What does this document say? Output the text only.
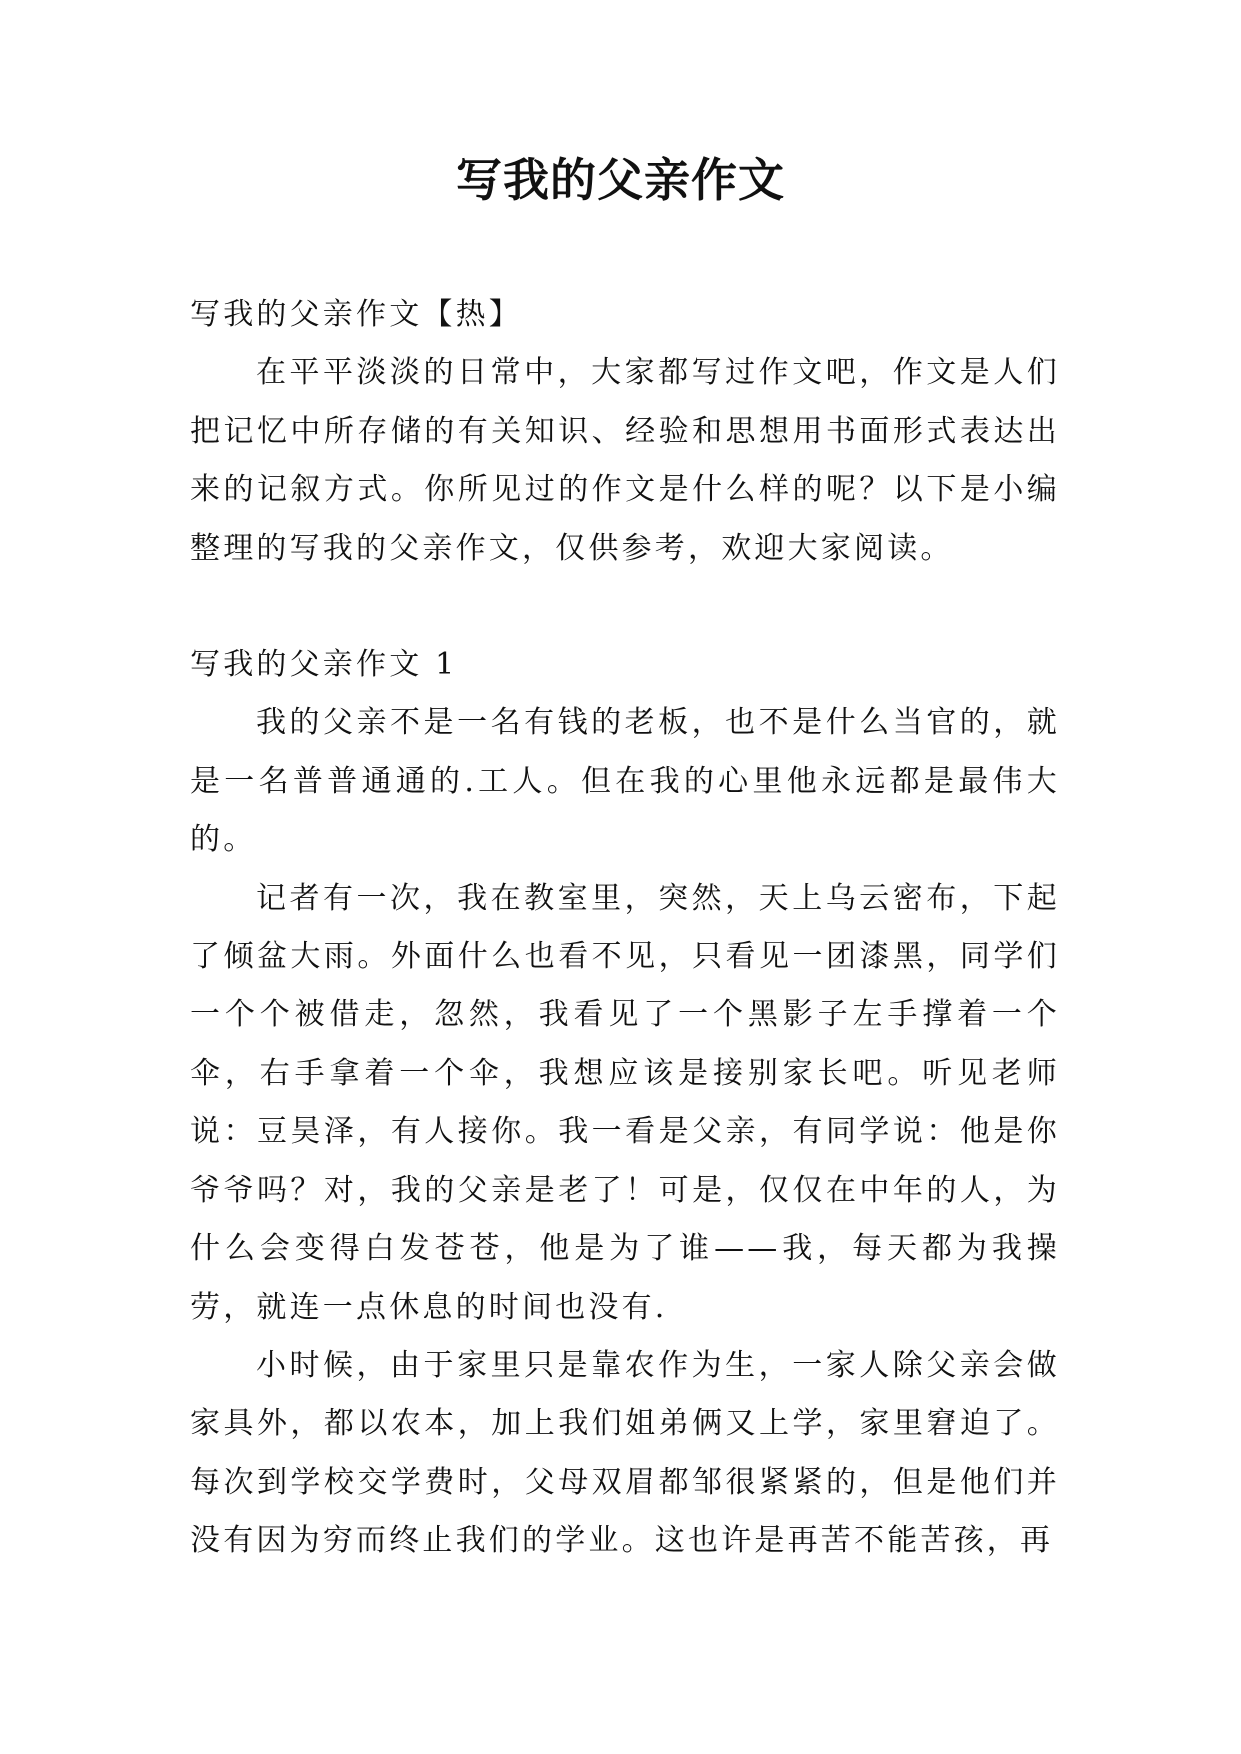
写我的父亲作文

写我的父亲作文【热】

在平平淡淡的日常中，大家都写过作文吧，作文是人们把记忆中所存储的有关知识、经验和思想用书面形式表达出来的记叙方式。你所见过的作文是什么样的呢？以下是小编整理的写我的父亲作文，仅供参考，欢迎大家阅读。

写我的父亲作文 1

我的父亲不是一名有钱的老板，也不是什么当官的，就是一名普普通通的.工人。但在我的心里他永远都是最伟大的。

记者有一次，我在教室里，突然，天上乌云密布，下起了倾盆大雨。外面什么也看不见，只看见一团漆黑，同学们一个个被借走，忽然，我看见了一个黑影子左手撑着一个伞，右手拿着一个伞，我想应该是接别家长吧。听见老师说：豆昊泽，有人接你。我一看是父亲，有同学说：他是你爷爷吗？对，我的父亲是老了！可是，仅仅在中年的人，为什么会变得白发苍苍，他是为了谁——我，每天都为我操劳，就连一点休息的时间也没有.

小时候，由于家里只是靠农作为生，一家人除父亲会做家具外，都以农本，加上我们姐弟俩又上学，家里窘迫了。每次到学校交学费时，父母双眉都邹很紧紧的，但是他们并没有因为穷而终止我们的学业。这也许是再苦不能苦孩，再
